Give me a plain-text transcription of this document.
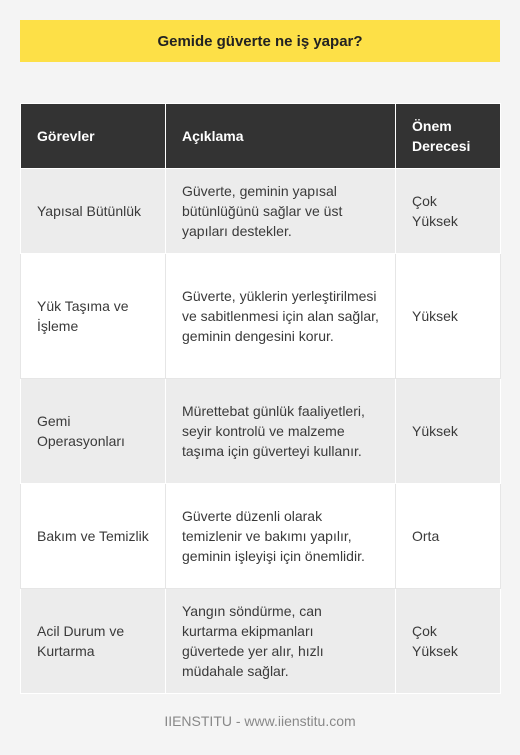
Gemide güverte ne iş yapar?
Görevler	Açıklama	Önem Derecesi
Yapısal Bütünlük	Güverte, geminin yapısal bütünlüğünü sağlar ve üst yapıları destekler.	Çok Yüksek
Yük Taşıma ve İşleme	Güverte, yüklerin yerleştirilmesi ve sabitlenmesi için alan sağlar, geminin dengesini korur.	Yüksek
Gemi Operasyonları	Mürettebat günlük faaliyetleri, seyir kontrolü ve malzeme taşıma için güverteyi kullanır.	Yüksek
Bakım ve Temizlik	Güverte düzenli olarak temizlenir ve bakımı yapılır, geminin işleyişi için önemlidir.	Orta
Acil Durum ve Kurtarma	Yangın söndürme, can kurtarma ekipmanları güvertede yer alır, hızlı müdahale sağlar.	Çok Yüksek
IIENSTITU - www.iienstitu.com
